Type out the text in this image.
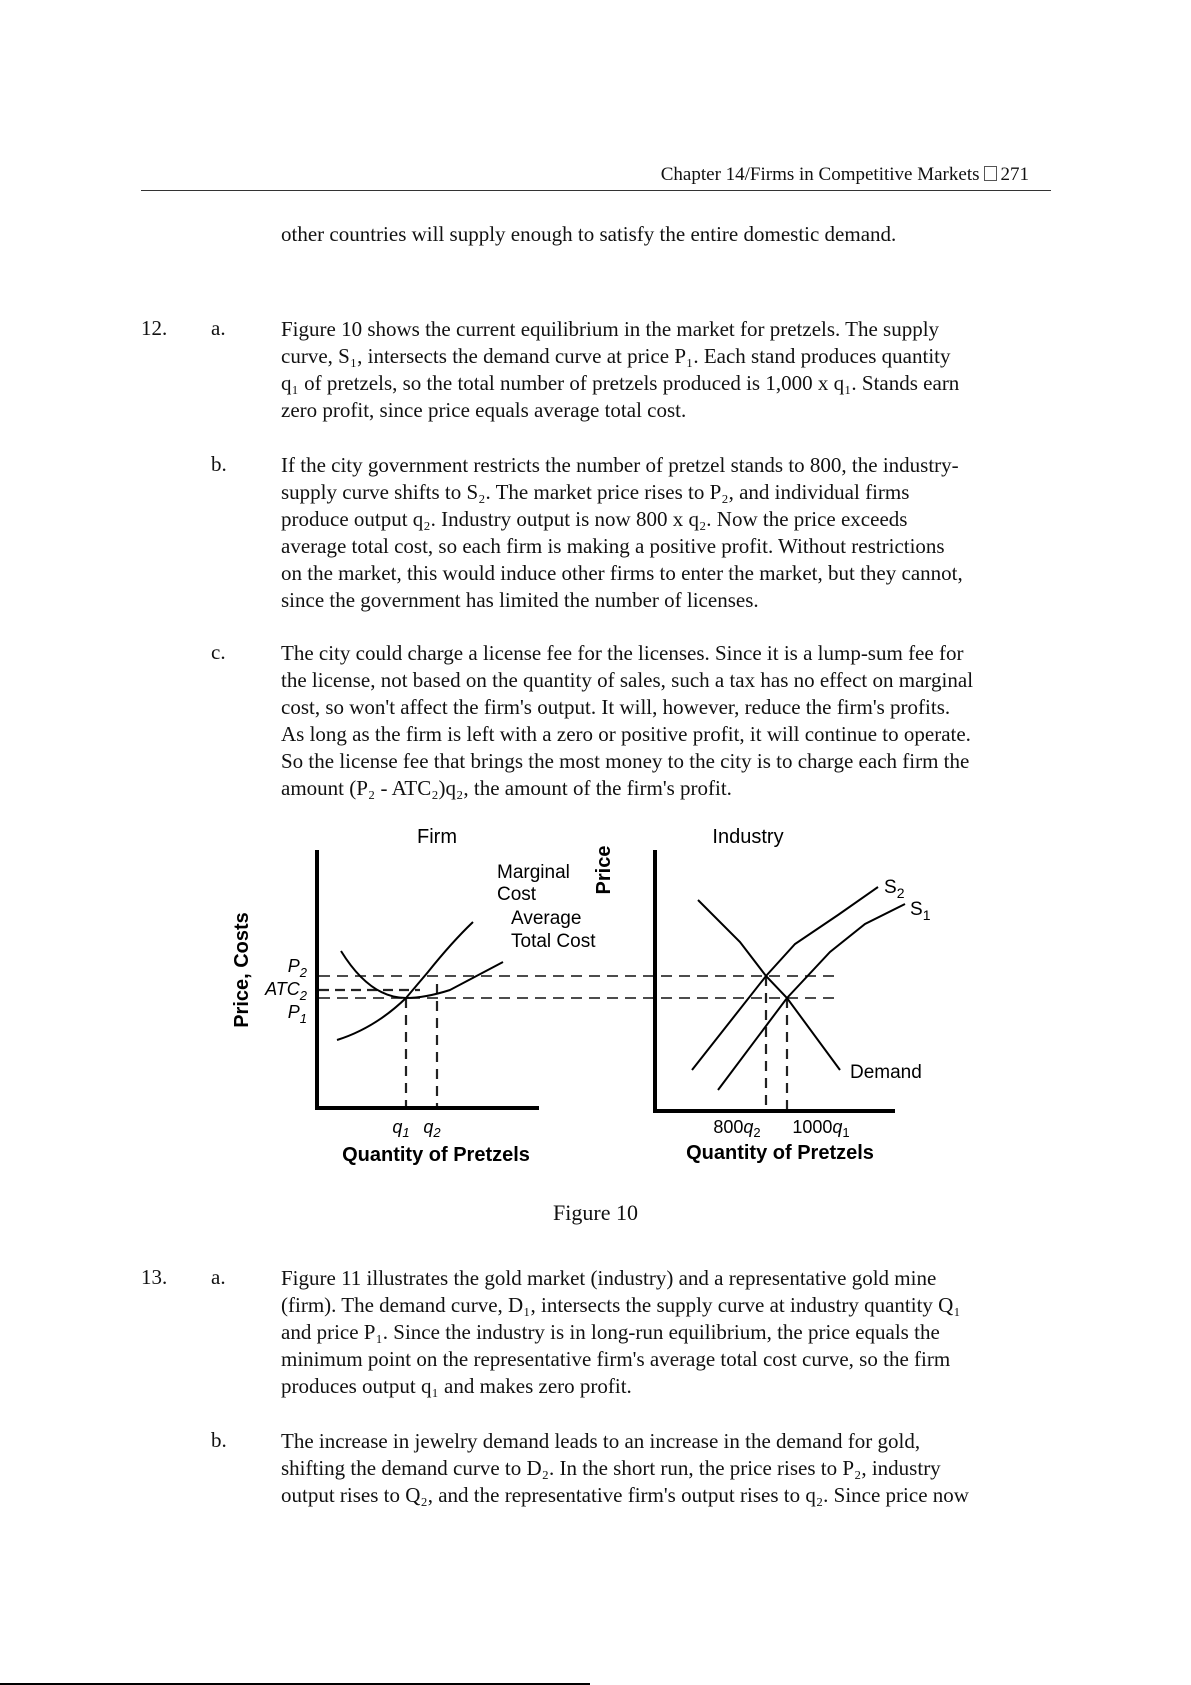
Chapter 14/Firms in Competitive Markets 271
other countries will supply enough to satisfy the entire domestic demand.
12. a.	Figure 10 shows the current equilibrium in the market for pretzels. The supply

curve, S₁, intersects the demand curve at price P₁. Each stand produces quantity

q₁ of pretzels, so the total number of pretzels produced is 1,000 x q₁. Stands earn

zero profit, since price equals average total cost.

b.	If the city government restricts the number of pretzel stands to 800, the industry-

supply curve shifts to S₂. The market price rises to P₂, and individual firms

produce output q₂. Industry output is now 800 x q₂. Now the price exceeds

average total cost, so each firm is making a positive profit. Without restrictions

on the market, this would induce other firms to enter the market, but they cannot,

since the government has limited the number of licenses.

c.	The city could charge a license fee for the licenses. Since it is a lump-sum fee for

the license, not based on the quantity of sales, such a tax has no effect on marginal

cost, so won't affect the firm's output. It will, however, reduce the firm's profits.

As long as the firm is left with a zero or positive profit, it will continue to operate.

So the license fee that brings the most money to the city is to charge each firm the

amount (P₂ - ATC₂)q₂, the amount of the firm's profit.

Firm
Price, Costs $P_2$
$ATC_2$
$P_1$
Marginal
Cost
Average
Total Cost
$q_1$ $q_2$
Quantity of Pretzels
Industry
Price	$S_2$
$S_1$
Demand
$800q_2$ $1000q_1$
Quantity of Pretzels
Figure 10
13. a.	Figure 11 illustrates the gold market (industry) and a representative gold mine

(firm). The demand curve, D₁, intersects the supply curve at industry quantity Q₁

and price P₁. Since the industry is in long-run equilibrium, the price equals the

minimum point on the representative firm's average total cost curve, so the firm

produces output q₁ and makes zero profit.

b.	The increase in jewelry demand leads to an increase in the demand for gold,

shifting the demand curve to D₂. In the short run, the price rises to P₂, industry

output rises to Q₂, and the representative firm's output rises to q₂. Since price now
